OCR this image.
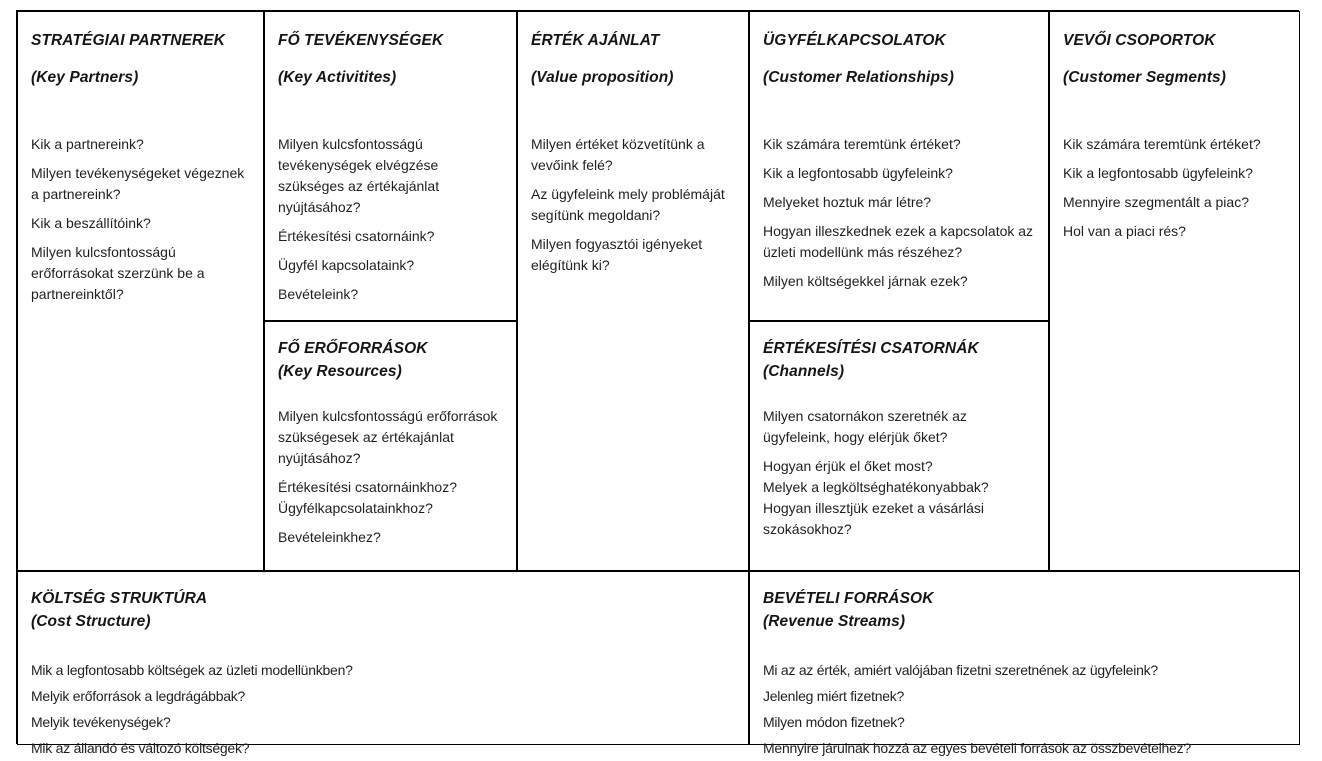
STRATÉGIAI PARTNEREK
(Key Partners)

Kik a partnereink?

Milyen tevékenységeket végeznek a partnereink?

Kik a beszállítóink?

Milyen kulcsfontosságú erőforrásokat szerzünk be a partnereinktől?

FŐ TEVÉKENYSÉGEK
(Key Activitites)

Milyen kulcsfontosságú tevékenységek elvégzése szükséges az értékajánlat nyújtásához?

Értékesítési csatornáink?

Ügyfél kapcsolataink?

Bevételeink?

FŐ ERŐFORRÁSOK
(Key Resources)

Milyen kulcsfontosságú erőforrások szükségesek az értékajánlat nyújtásához?

Értékesítési csatornáinkhoz?

Ügyfélkapcsolatainkhoz?

Bevételeinkhez?

ÉRTÉK AJÁNLAT
(Value proposition)

Milyen értéket közvetítünk a vevőink felé?

Az ügyfeleink mely problémáját segítünk megoldani?

Milyen fogyasztói igényeket elégítünk ki?

ÜGYFÉLKAPCSOLATOK
(Customer Relationships)

Kik számára teremtünk értéket?

Kik a legfontosabb ügyfeleink?

Melyeket hoztuk már létre?

Hogyan illeszkednek ezek a kapcsolatok az üzleti modellünk más részéhez?

Milyen költségekkel járnak ezek?

ÉRTÉKESÍTÉSI CSATORNÁK
(Channels)

Milyen csatornákon szeretnék az ügyfeleink, hogy elérjük őket?

Hogyan érjük el őket most?

Melyek a legköltséghatékonyabbak?

Hogyan illesztjük ezeket a vásárlási szokásokhoz?

VEVŐI CSOPORTOK
(Customer Segments)

Kik számára teremtünk értéket?

Kik a legfontosabb ügyfeleink?

Mennyire szegmentált a piac?

Hol van a piaci rés?

KÖLTSÉG STRUKTÚRA
(Cost Structure)

Mik a legfontosabb költségek az üzleti modellünkben?

Melyik erőforrások a legdrágábbak?

Melyik tevékenységek?

Mik az állandó és változó költségek?

BEVÉTELI FORRÁSOK
(Revenue Streams)

Mi az az érték, amiért valójában fizetni szeretnének az ügyfeleink?

Jelenleg miért fizetnek?

Milyen módon fizetnek?

Mennyire járulnak hozzá az egyes bevételi források az összbevételhez?
